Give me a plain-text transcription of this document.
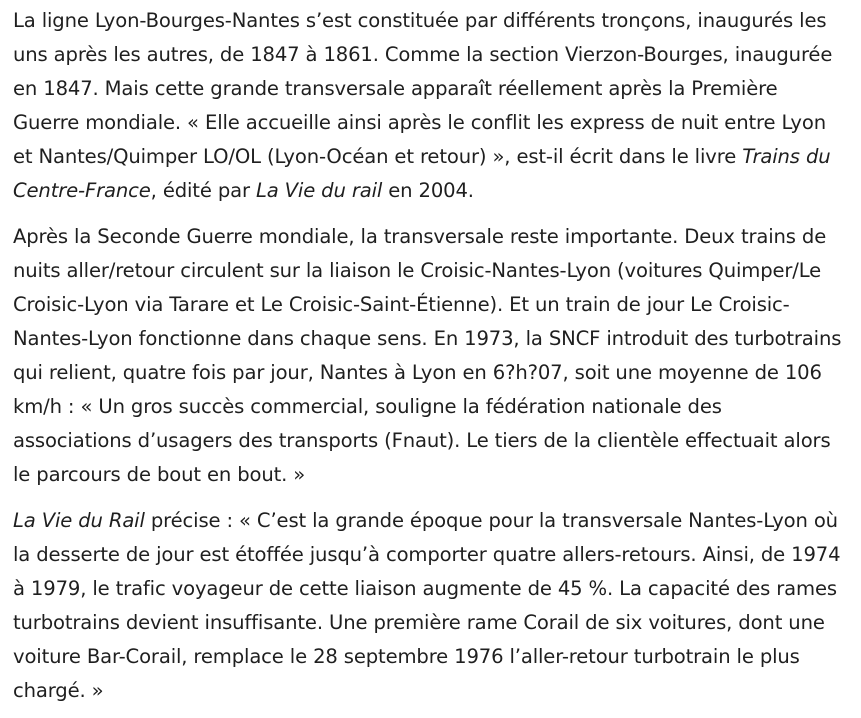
La ligne Lyon-Bourges-Nantes s’est constituée par différents tronçons, inaugurés les uns après les autres, de 1847 à 1861. Comme la section Vierzon-Bourges, inaugurée en 1847. Mais cette grande transversale apparaît réellement après la Première Guerre mondiale. « Elle accueille ainsi après le conflit les express de nuit entre Lyon et Nantes/Quimper LO/OL (Lyon-Océan et retour) », est-il écrit dans le livre Trains du Centre-France, édité par La Vie du rail en 2004.

Après la Seconde Guerre mondiale, la transversale reste importante. Deux trains de nuits aller/retour circulent sur la liaison le Croisic-Nantes-Lyon (voitures Quimper/Le Croisic-Lyon via Tarare et Le Croisic-Saint-Étienne). Et un train de jour Le Croisic-Nantes-Lyon fonctionne dans chaque sens. En 1973, la SNCF introduit des turbotrains qui relient, quatre fois par jour, Nantes à Lyon en 6?h?07, soit une moyenne de 106 km/h : « Un gros succès commercial, souligne la fédération nationale des associations d’usagers des transports (Fnaut). Le tiers de la clientèle effectuait alors le parcours de bout en bout. »

La Vie du Rail précise : « C’est la grande époque pour la transversale Nantes-Lyon où la desserte de jour est étoffée jusqu’à comporter quatre allers-retours. Ainsi, de 1974 à 1979, le trafic voyageur de cette liaison augmente de 45 %. La capacité des rames turbotrains devient insuffisante. Une première rame Corail de six voitures, dont une voiture Bar-Corail, remplace le 28 septembre 1976 l’aller-retour turbotrain le plus chargé. »
